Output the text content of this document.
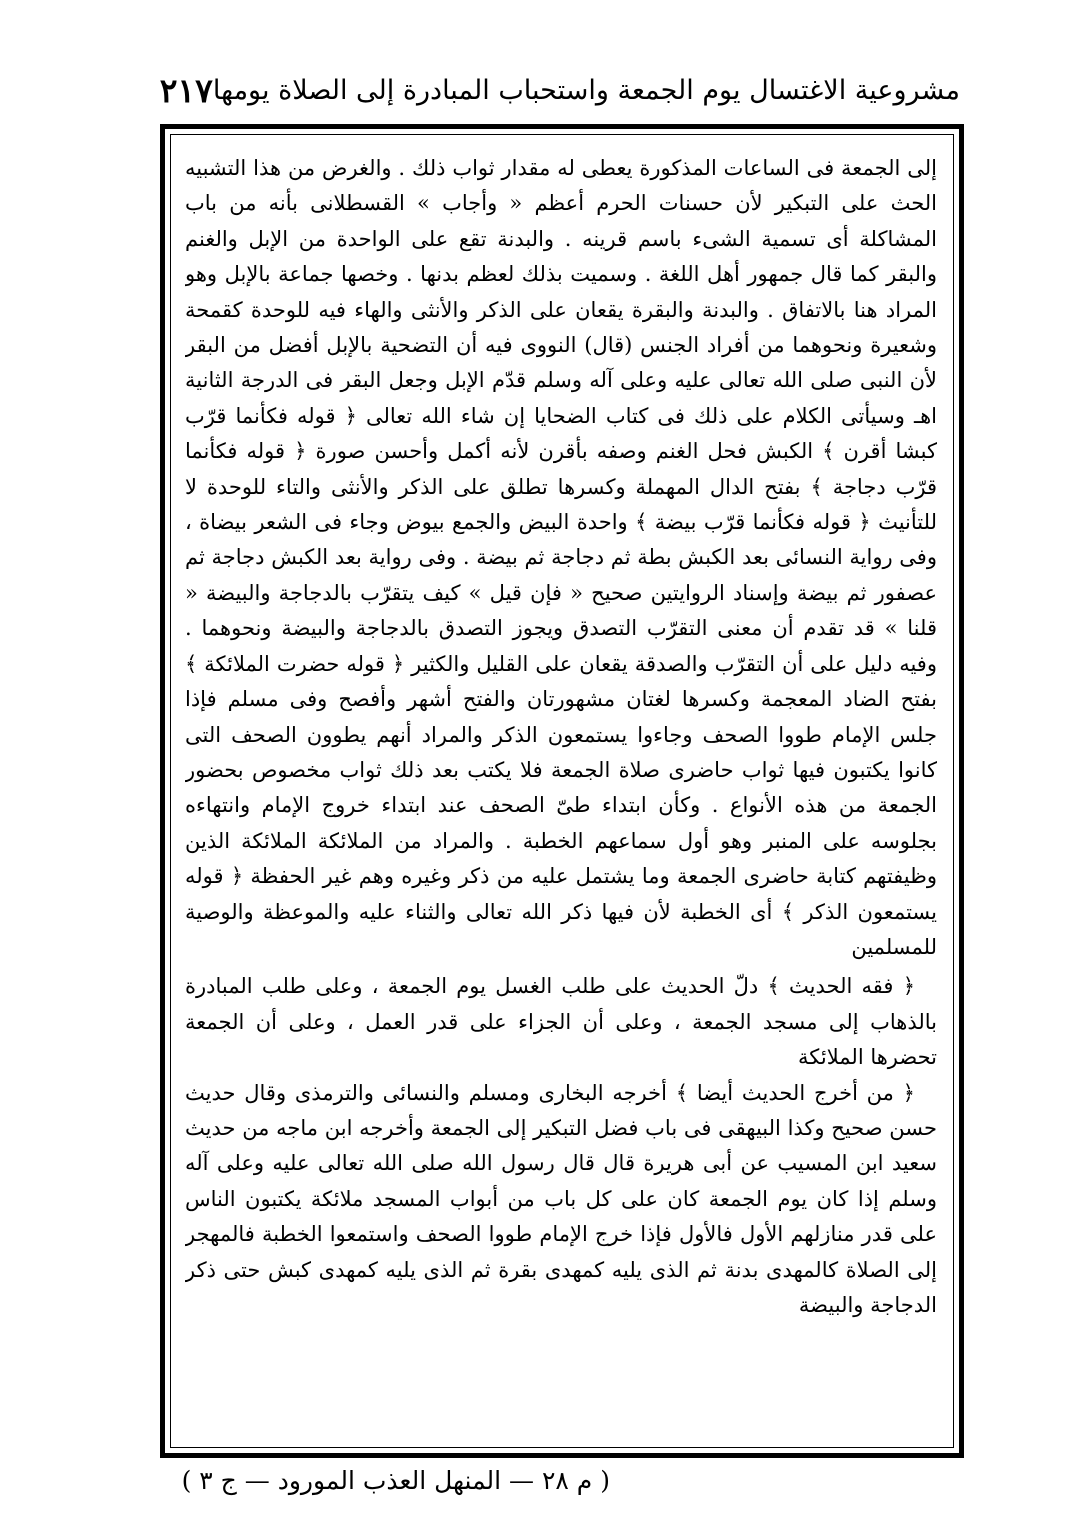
مشروعية الاغتسال يوم الجمعة واستحباب المبادرة إلى الصلاة يومها
٢١٧

إلى الجمعة فى الساعات المذكورة يعطى له مقدار ثواب ذلك . والغرض من هذا التشبيه الحث على التبكير لأن حسنات الحرم أعظم « وأجاب » القسطلانى بأنه من باب المشاكلة أى تسمية الشىء باسم قرينه . والبدنة تقع على الواحدة من الإبل والغنم والبقر كما قال جمهور أهل اللغة . وسميت بذلك لعظم بدنها . وخصها جماعة بالإبل وهو المراد هنا بالاتفاق . والبدنة والبقرة يقعان على الذكر والأنثى والهاء فيه للوحدة كقمحة وشعيرة ونحوهما من أفراد الجنس (قال) النووى فيه أن التضحية بالإبل أفضل من البقر لأن النبى صلى الله تعالى عليه وعلى آله وسلم قدّم الإبل وجعل البقر فى الدرجة الثانية اهـ وسيأتى الكلام على ذلك فى كتاب الضحايا إن شاء الله تعالى ﴿ قوله فكأنما قرّب كبشا أقرن ﴾ الكبش فحل الغنم وصفه بأقرن لأنه أكمل وأحسن صورة ﴿ قوله فكأنما قرّب دجاجة ﴾ بفتح الدال المهملة وكسرها تطلق على الذكر والأنثى والتاء للوحدة لا للتأنيث ﴿ قوله فكأنما قرّب بيضة ﴾ واحدة البيض والجمع بيوض وجاء فى الشعر بيضاة ، وفى رواية النسائى بعد الكبش بطة ثم دجاجة ثم بيضة . وفى رواية بعد الكبش دجاجة ثم عصفور ثم بيضة وإسناد الروايتين صحيح « فإن قيل » كيف يتقرّب بالدجاجة والبيضة « قلنا » قد تقدم أن معنى التقرّب التصدق ويجوز التصدق بالدجاجة والبيضة ونحوهما . وفيه دليل على أن التقرّب والصدقة يقعان على القليل والكثير ﴿ قوله حضرت الملائكة ﴾ بفتح الضاد المعجمة وكسرها لغتان مشهورتان والفتح أشهر وأفصح وفى مسلم فإذا جلس الإمام طووا الصحف وجاءوا يستمعون الذكر والمراد أنهم يطوون الصحف التى كانوا يكتبون فيها ثواب حاضرى صلاة الجمعة فلا يكتب بعد ذلك ثواب مخصوص بحضور الجمعة من هذه الأنواع . وكأن ابتداء طىّ الصحف عند ابتداء خروج الإمام وانتهاءه بجلوسه على المنبر وهو أول سماعهم الخطبة . والمراد من الملائكة الملائكة الذين وظيفتهم كتابة حاضرى الجمعة وما يشتمل عليه من ذكر وغيره وهم غير الحفظة ﴿ قوله يستمعون الذكر ﴾ أى الخطبة لأن فيها ذكر الله تعالى والثناء عليه والموعظة والوصية للمسلمين

﴿ فقه الحديث ﴾ دلّ الحديث على طلب الغسل يوم الجمعة ، وعلى طلب المبادرة بالذهاب إلى مسجد الجمعة ، وعلى أن الجزاء على قدر العمل ، وعلى أن الجمعة تحضرها الملائكة

﴿ من أخرج الحديث أيضا ﴾ أخرجه البخارى ومسلم والنسائى والترمذى وقال حديث حسن صحيح وكذا البيهقى فى باب فضل التبكير إلى الجمعة وأخرجه ابن ماجه من حديث سعيد ابن المسيب عن أبى هريرة قال قال رسول الله صلى الله تعالى عليه وعلى آله وسلم إذا كان يوم الجمعة كان على كل باب من أبواب المسجد ملائكة يكتبون الناس على قدر منازلهم الأول فالأول فإذا خرج الإمام طووا الصحف واستمعوا الخطبة فالمهجر إلى الصلاة كالمهدى بدنة ثم الذى يليه كمهدى بقرة ثم الذى يليه كمهدى كبش حتى ذكر الدجاجة والبيضة

( م ٢٨ — المنهل العذب المورود — ج ٣ )
